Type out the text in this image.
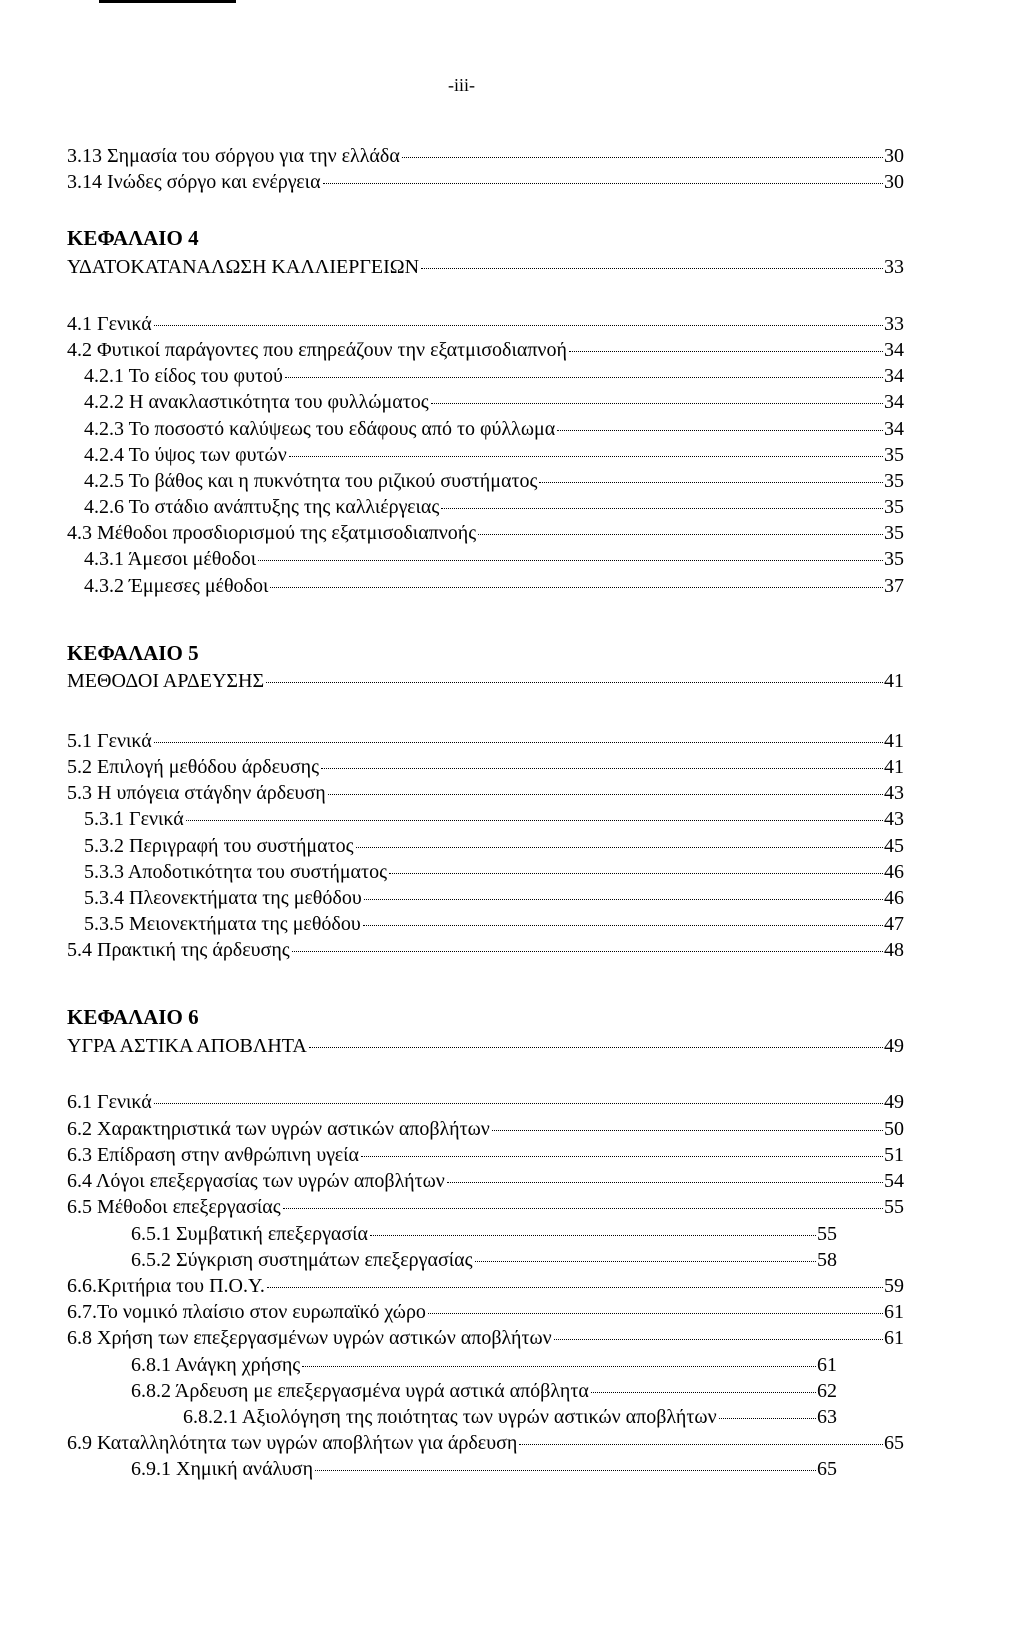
-iii-
3.13 Σημασία του σόργου για την ελλάδα	30
3.14 Ινώδες σόργο και ενέργεια	30
ΚΕΦΑΛΑΙΟ 4
ΥΔΑΤΟΚΑΤΑΝΑΛΩΣΗ ΚΑΛΛΙΕΡΓΕΙΩΝ	33
4.1 Γενικά	33
4.2 Φυτικοί παράγοντες που επηρεάζουν την εξατμισοδιαπνοή	34
4.2.1 Το είδος του φυτού	34
4.2.2 Η ανακλαστικότητα του φυλλώματος	34
4.2.3 Το ποσοστό καλύψεως του εδάφους από το φύλλωμα	34
4.2.4 Το ύψος των φυτών	35
4.2.5 Το βάθος και η πυκνότητα του ριζικού συστήματος	35
4.2.6 Το στάδιο ανάπτυξης της καλλιέργειας	35
4.3 Μέθοδοι προσδιορισμού της εξατμισοδιαπνοής	35
4.3.1 Άμεσοι μέθοδοι	35
4.3.2 Έμμεσες μέθοδοι	37
ΚΕΦΑΛΑΙΟ 5
ΜΕΘΟΔΟΙ ΑΡΔΕΥΣΗΣ	41
5.1 Γενικά	41
5.2 Επιλογή μεθόδου άρδευσης	41
5.3 Η υπόγεια στάγδην άρδευση	43
5.3.1 Γενικά	43
5.3.2 Περιγραφή του συστήματος	45
5.3.3 Αποδοτικότητα του συστήματος	46
5.3.4 Πλεονεκτήματα της μεθόδου	46
5.3.5 Μειονεκτήματα της μεθόδου	47
5.4 Πρακτική της άρδευσης	48
ΚΕΦΑΛΑΙΟ 6
ΥΓΡΑ ΑΣΤΙΚΑ ΑΠΟΒΛΗΤΑ	49
6.1 Γενικά	49
6.2 Χαρακτηριστικά των υγρών αστικών αποβλήτων	50
6.3 Επίδραση στην ανθρώπινη υγεία	51
6.4 Λόγοι επεξεργασίας των υγρών αποβλήτων	54
6.5 Μέθοδοι επεξεργασίας	55
6.5.1 Συμβατική επεξεργασία	55
6.5.2 Σύγκριση συστημάτων επεξεργασίας	58
6.6.Κριτήρια του Π.Ο.Υ.	59
6.7.Το νομικό πλαίσιο στον ευρωπαϊκό χώρο	61
6.8 Χρήση των επεξεργασμένων υγρών αστικών αποβλήτων	61
6.8.1 Ανάγκη χρήσης	61
6.8.2 Άρδευση με επεξεργασμένα υγρά αστικά απόβλητα	62
6.8.2.1 Αξιολόγηση της ποιότητας των υγρών αστικών αποβλήτων	63
6.9 Καταλληλότητα των υγρών αποβλήτων για άρδευση	65
6.9.1 Χημική ανάλυση	65
